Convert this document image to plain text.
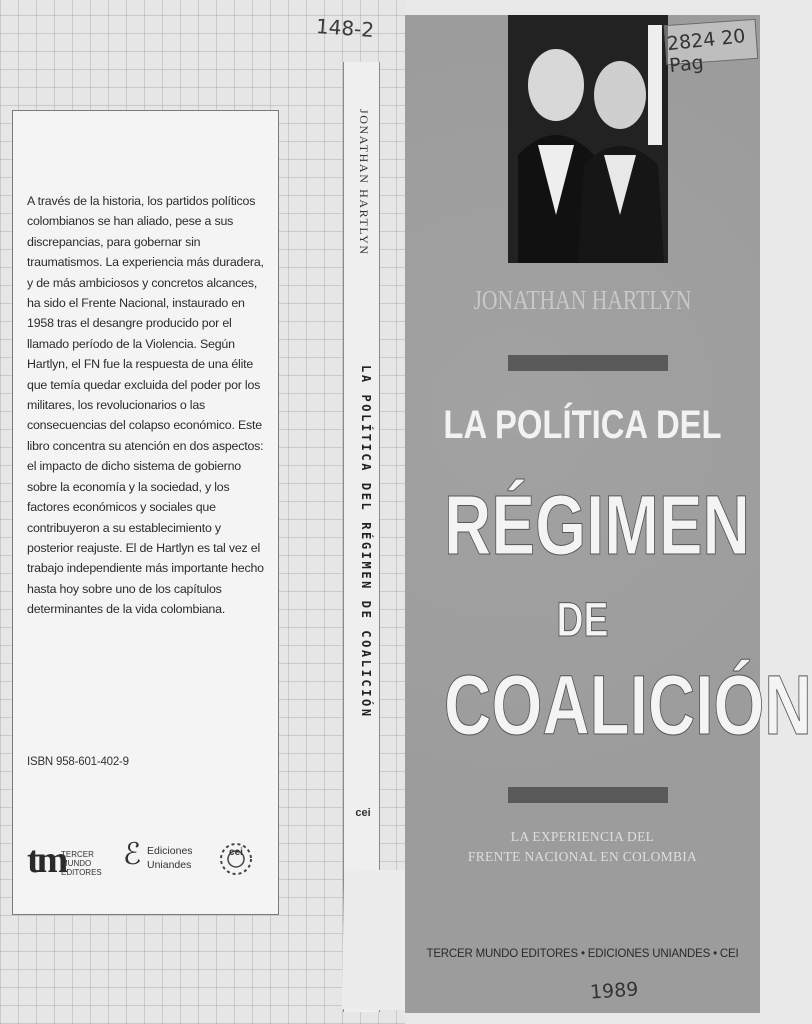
A través de la historia, los partidos políticos colombianos se han aliado, pese a sus discrepancias, para gobernar sin traumatismos. La experiencia más duradera, y de más ambiciosos y concretos alcances, ha sido el Frente Nacional, instaurado en 1958 tras el desangre producido por el llamado período de la Violencia. Según Hartlyn, el FN fue la respuesta de una élite que temía quedar excluida del poder por los militares, los revolucionarios o las consecuencias del colapso económico. Este libro concentra su atención en dos aspectos: el impacto de dicho sistema de gobierno sobre la economía y la sociedad, y los factores económicos y sociales que contribuyeron a su establecimiento y posterior reajuste. El de Hartlyn es tal vez el trabajo independiente más importante hecho hasta hoy sobre uno de los capítulos determinantes de la vida colombiana.

ISBN 958-601-402-9
tm
TERCER
MUNDO
EDITORES
ℰ Ediciones
Uniandes
cei
JONATHAN HARTLYN
LA POLÍTICA DEL RÉGIMEN DE COALICIÓN
cei
JONATHAN HARTLYN
LA POLÍTICA DEL
RÉGIMEN
DE
COALICIÓN
LA EXPERIENCIA DEL
FRENTE NACIONAL EN COLOMBIA
TERCER MUNDO EDITORES • EDICIONES UNIANDES • CEI
148-2	2824 20 Pag
1989
